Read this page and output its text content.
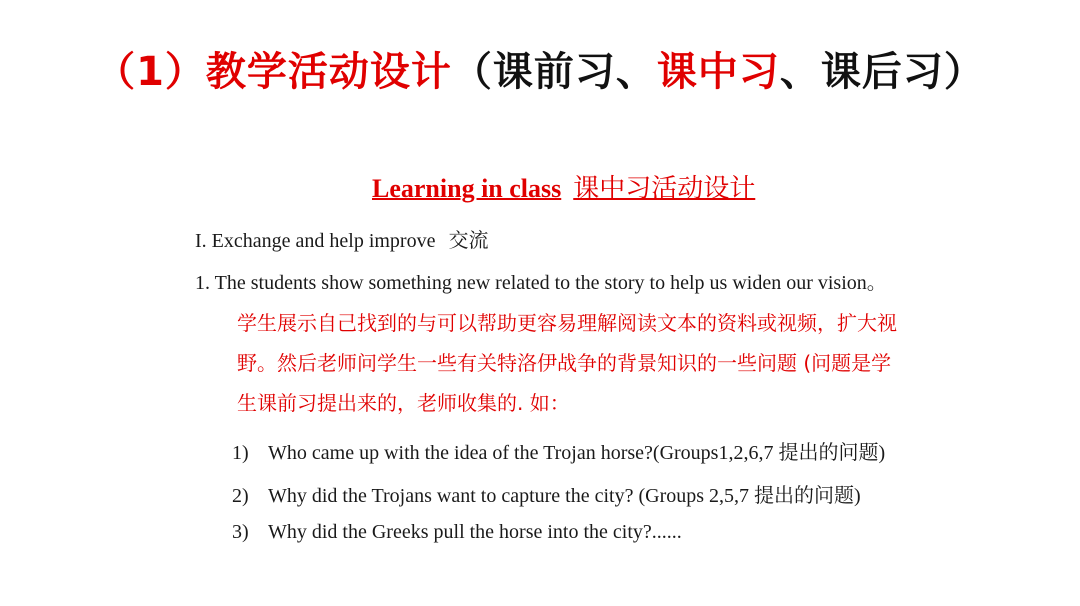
（1）教学活动设计（课前习、课中习、课后习）
Learning in class 课中习活动设计
I. Exchange and help improve 交流
1. The students show something new related to the story to help us widen our vision。
学生展示自己找到的与可以帮助更容易理解阅读文本的资料或视频，扩大视
野。然后老师问学生一些有关特洛伊战争的背景知识的一些问题 (问题是学
生课前习提出来的，老师收集的. 如：
1) Who came up with the idea of the Trojan horse?(Groups1,2,6,7 提出的问题)
2) Why did the Trojans want to capture the city? (Groups 2,5,7 提出的问题)
3) Why did the Greeks pull the horse into the city?......
